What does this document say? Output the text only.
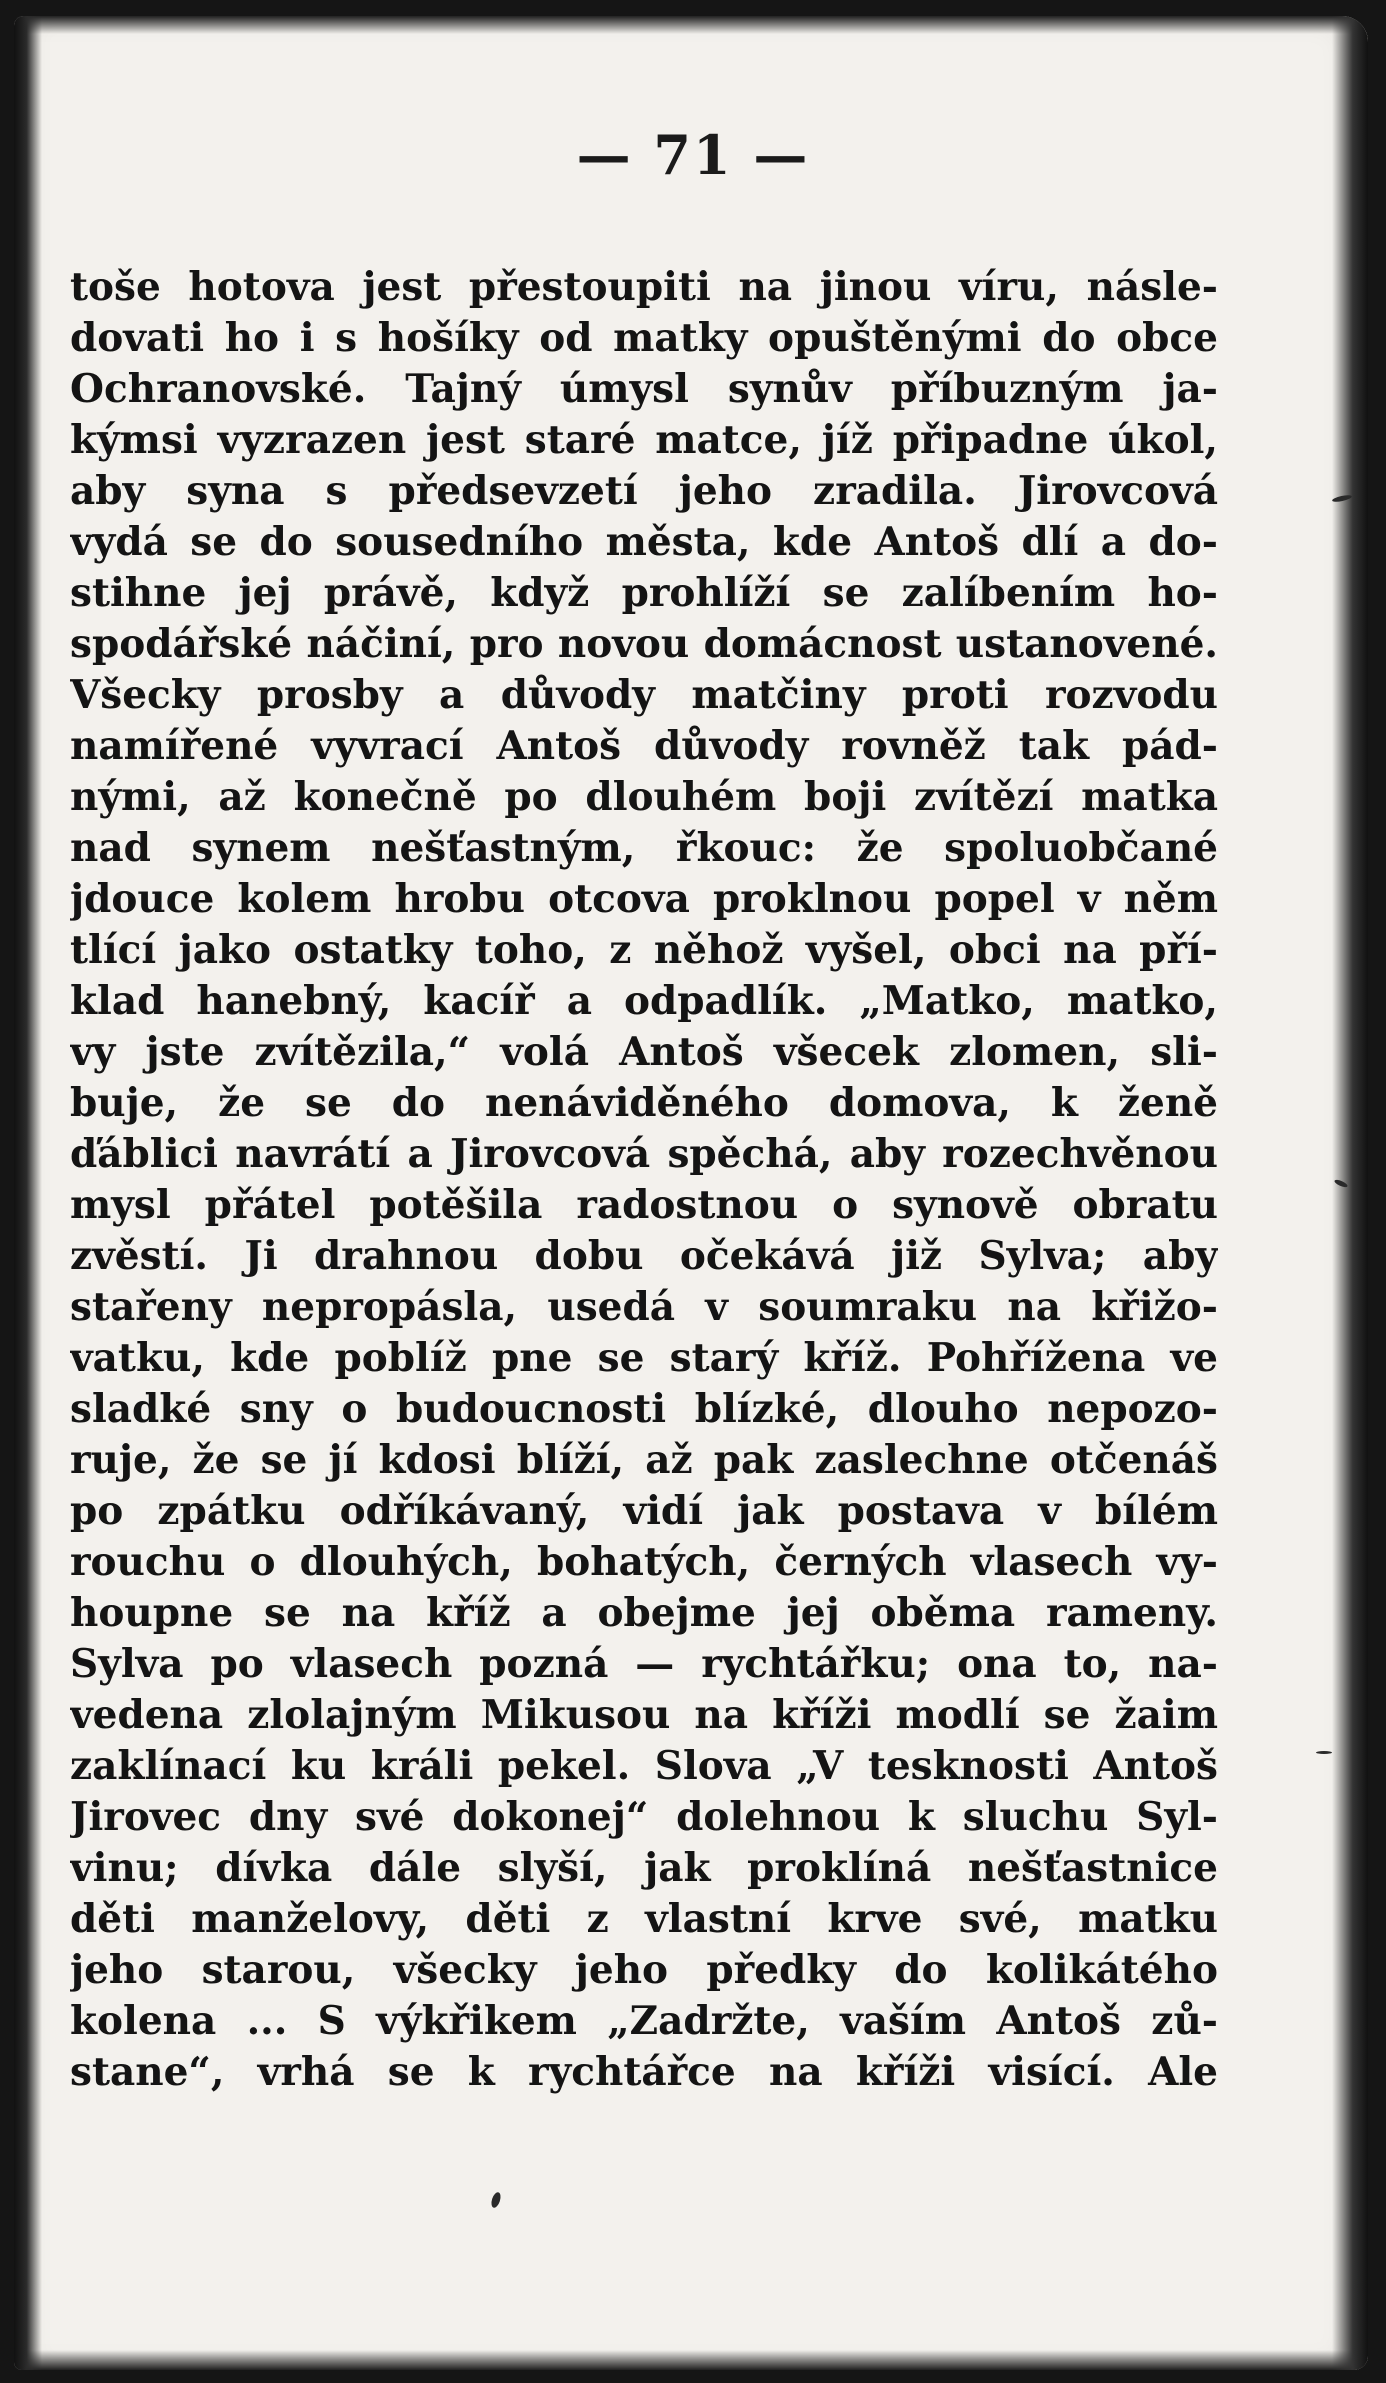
— 71 —
toše hotova jest přestoupiti na jinou víru, násle-
dovati ho i s hošíky od matky opuštěnými do obce
Ochranovské. Tajný úmysl synův příbuzným ja-
kýmsi vyzrazen jest staré matce, jíž připadne úkol,
aby syna s předsevzetí jeho zradila. Jirovcová
vydá se do sousedního města, kde Antoš dlí a do-
stihne jej právě, když prohlíží se zalíbením ho-
spodářské náčiní, pro novou domácnost ustanovené.
Všecky prosby a důvody matčiny proti rozvodu
namířené vyvrací Antoš důvody rovněž tak pád-
nými, až konečně po dlouhém boji zvítězí matka
nad synem nešťastným, řkouc: že spoluobčané
jdouce kolem hrobu otcova proklnou popel v něm
tlící jako ostatky toho, z něhož vyšel, obci na pří-
klad hanebný, kacíř a odpadlík. „Matko, matko,
vy jste zvítězila,“ volá Antoš všecek zlomen, sli-
buje, že se do nenáviděného domova, k ženě
ďáblici navrátí a Jirovcová spěchá, aby rozechvěnou
mysl přátel potěšila radostnou o synově obratu
zvěstí. Ji drahnou dobu očekává již Sylva; aby
stařeny nepropásla, usedá v soumraku na křižo-
vatku, kde poblíž pne se starý kříž. Pohřížena ve
sladké sny o budoucnosti blízké, dlouho nepozo-
ruje, že se jí kdosi blíží, až pak zaslechne otčenáš
po zpátku odříkávaný, vidí jak postava v bílém
rouchu o dlouhých, bohatých, černých vlasech vy-
houpne se na kříž a obejme jej oběma rameny.
Sylva po vlasech pozná — rychtářku; ona to, na-
vedena zlolajným Mikusou na kříži modlí se žaim
zaklínací ku králi pekel. Slova „V tesknosti Antoš
Jirovec dny své dokonej“ dolehnou k sluchu Syl-
vinu; dívka dále slyší, jak proklíná nešťastnice
děti manželovy, děti z vlastní krve své, matku
jeho starou, všecky jeho předky do kolikátého
kolena ... S výkřikem „Zadržte, vaším Antoš zů-
stane“, vrhá se k rychtářce na kříži visící. Ale
